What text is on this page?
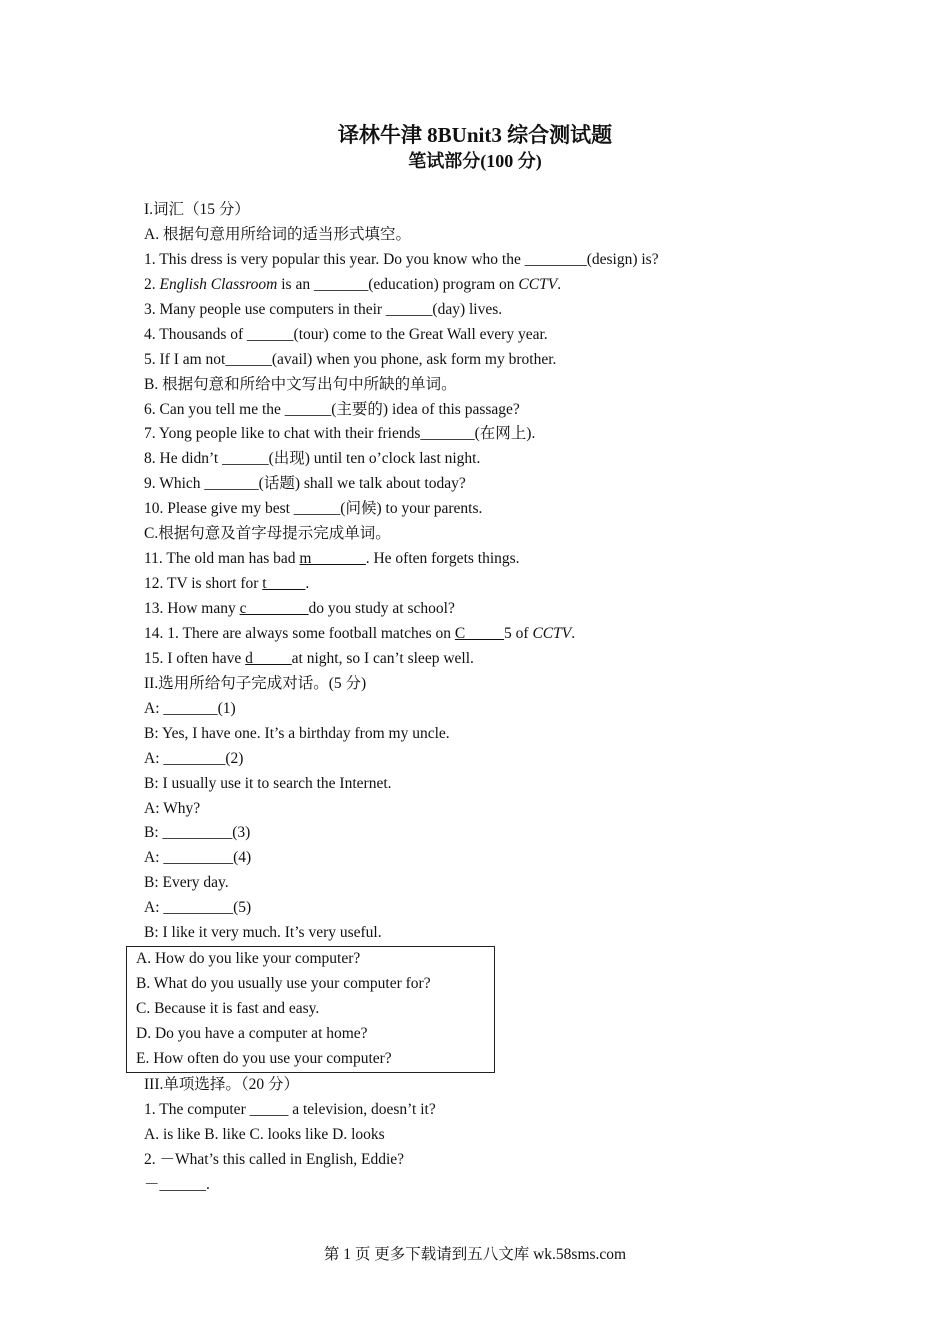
译林牛津 8BUnit3 综合测试题
笔试部分(100 分)
I.词汇（15 分）
A. 根据句意用所给词的适当形式填空。
1. This dress is very popular this year. Do you know who the ________(design) is?
2. English Classroom is an _______(education) program on CCTV.
3. Many people use computers in their ______(day) lives.
4. Thousands of ______(tour) come to the Great Wall every year.
5. If I am not______(avail) when you phone, ask form my brother.
B. 根据句意和所给中文写出句中所缺的单词。
6. Can you tell me the ______(主要的) idea of this passage?
7. Yong people like to chat with their friends_______(在网上).
8. He didn’t ______(出现) until ten o’clock last night.
9. Which _______(话题) shall we talk about today?
10. Please give my best ______(问候) to your parents.
C.根据句意及首字母提示完成单词。
11. The old man has bad m_______. He often forgets things.
12. TV is short for t_____.
13. How many c________do you study at school?
14. 1. There are always some football matches on C_____5 of CCTV.
15. I often have d_____at night, so I can’t sleep well.
II.选用所给句子完成对话。(5 分)
A: _______(1)
B: Yes, I have one. It’s a birthday from my uncle.
A: ________(2)
B: I usually use it to search the Internet.
A: Why?
B: _________(3)
A: _________(4)
B: Every day.
A: _________(5)
B: I like it very much. It’s very useful.
A. How do you like your computer?
B. What do you usually use your computer for?
C. Because it is fast and easy.
D. Do you have a computer at home?
E. How often do you use your computer?
III.单项选择。（20 分）
1. The computer _____ a television, doesn’t it?
A. is like B. like C. looks like D. looks
2. －What’s this called in English, Eddie?
－______.
第 1 页 更多下载请到五八文库 wk.58sms.com
